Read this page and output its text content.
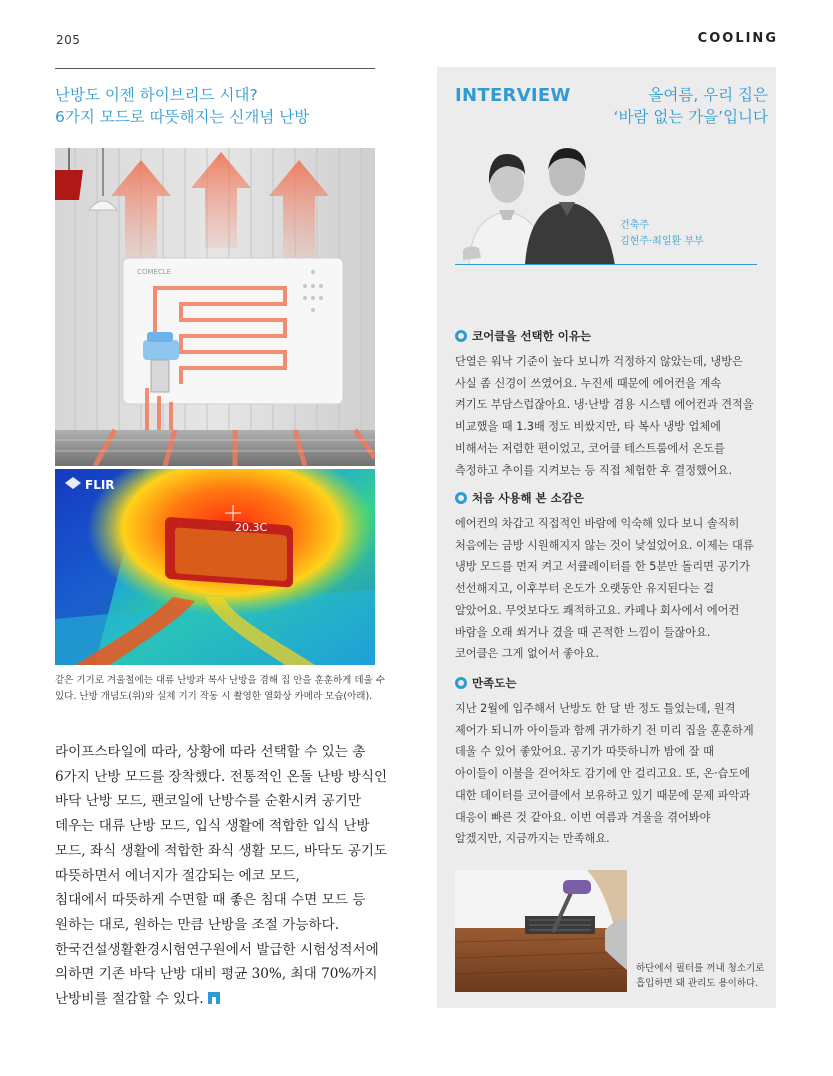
205	COOLING
난방도 이젠 하이브리드 시대?
6가지 모드로 따뜻해지는 신개념 난방
COMECLE
FLIR
20.3C
같은 기기로 겨울철에는 대류 난방과 복사 난방을 겸해 집 안을 훈훈하게 데울 수
있다. 난방 개념도(위)와 실제 기기 작동 시 촬영한 열화상 카메라 모습(아래).

라이프스타일에 따라, 상황에 따라 선택할 수 있는 총

6가지 난방 모드를 장착했다. 전통적인 온돌 난방 방식인

바닥 난방 모드, 팬코일에 난방수를 순환시켜 공기만

데우는 대류 난방 모드, 입식 생활에 적합한 입식 난방

모드, 좌식 생활에 적합한 좌식 생활 모드, 바닥도 공기도

따뜻하면서 에너지가 절감되는 에코 모드,

침대에서 따뜻하게 수면할 때 좋은 침대 수면 모드 등

원하는 대로, 원하는 만큼 난방을 조절 가능하다.

한국건설생활환경시험연구원에서 발급한 시험성적서에

의하면 기존 바닥 난방 대비 평균 30%, 최대 70%까지

난방비를 절감할 수 있다.

INTERVIEW	올여름, 우리 집은
‘바람 없는 가을’입니다
건축주
김현주·최일환 부부
코어클을 선택한 이유는

단열은 워낙 기준이 높다 보니까 걱정하지 않았는데, 냉방은

사실 좀 신경이 쓰였어요. 누진세 때문에 에어컨을 계속

켜기도 부담스럽잖아요. 냉·난방 겸용 시스템 에어컨과 견적을

비교했을 때 1.3배 정도 비쌌지만, 타 복사 냉방 업체에

비해서는 저렴한 편이었고, 코어클 테스트룸에서 온도를

측정하고 추이를 지켜보는 등 직접 체험한 후 결정했어요.

처음 사용해 본 소감은

에어컨의 차갑고 직접적인 바람에 익숙해 있다 보니 솔직히

처음에는 금방 시원해지지 않는 것이 낯설었어요. 이제는 대류

냉방 모드를 먼저 켜고 서큘레이터를 한 5분만 돌리면 공기가

선선해지고, 이후부터 온도가 오랫동안 유지된다는 걸

알았어요. 무엇보다도 쾌적하고요. 카페나 회사에서 에어컨

바람을 오래 쐬거나 겼을 때 곤적한 느낌이 들잖아요.

코어클은 그게 없어서 좋아요.

만족도는

지난 2월에 입주해서 난방도 한 달 반 정도 틀었는데, 원격

제어가 되니까 아이들과 함께 귀가하기 전 미리 집을 훈훈하게

데울 수 있어 좋았어요. 공기가 따뜻하니까 밤에 잘 때

아이들이 이불을 걷어차도 감기에 안 걸리고요. 또, 온·습도에

대한 데이터를 코어클에서 보유하고 있기 때문에 문제 파악과

대응이 빠른 것 같아요. 이번 여름과 겨울을 겪어봐야

알겠지만, 지금까지는 만족해요.

하단에서 필터를 꺼내 청소기로
흡입하면 돼 관리도 용이하다.
